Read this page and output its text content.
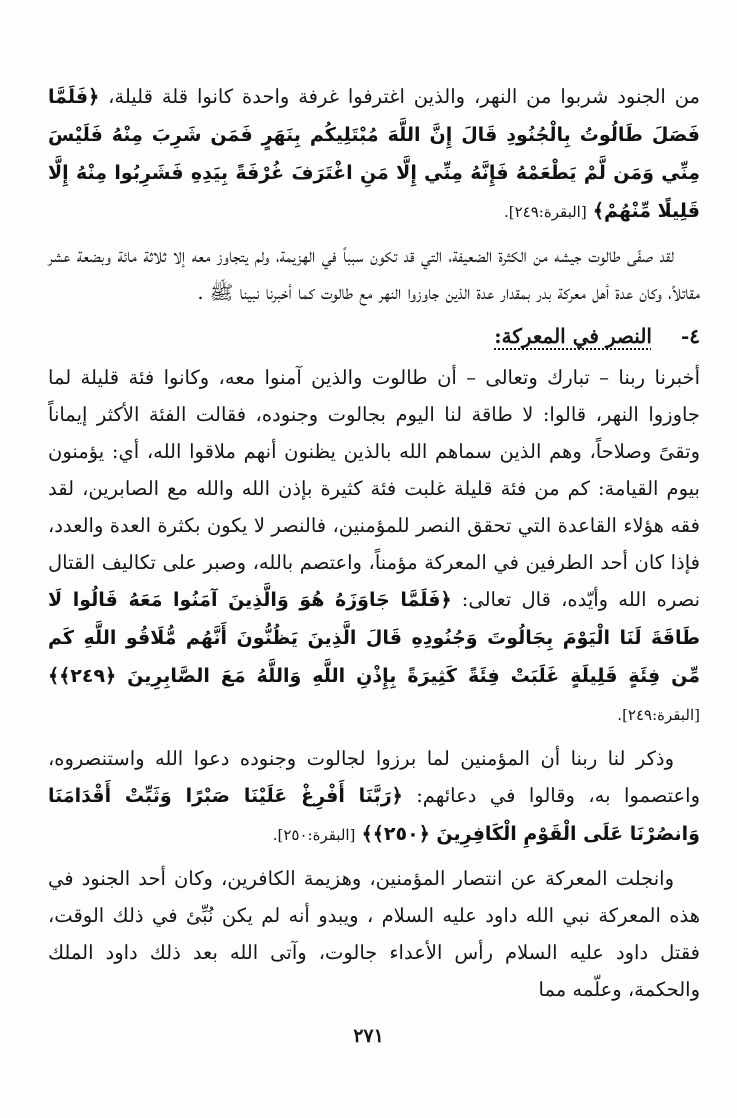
من الجنود شربوا من النهر، والذين اغترفوا غرفة واحدة كانوا قلة قليلة، ﴿فَلَمَّا فَصَلَ طَالُوتُ بِالْجُنُودِ قَالَ إِنَّ اللَّهَ مُبْتَلِيكُم بِنَهَرٍ فَمَن شَرِبَ مِنْهُ فَلَيْسَ مِنِّي وَمَن لَّمْ يَطْعَمْهُ فَإِنَّهُ مِنِّي إِلَّا مَنِ اغْتَرَفَ غُرْفَةً بِيَدِهِ فَشَرِبُوا مِنْهُ إِلَّا قَلِيلًا مِّنْهُمْ﴾ [البقرة:٢٤٩].

لقد صفّى طالوت جيشه من الكثرة الضعيفة، التي قد تكون سبباً في الهزيمة، ولم يتجاوز معه إلا ثلاثة مائة وبضعة عشر مقاتلاً، وكان عدة أهل معركة بدر بمقدار عدة الذين جاوزوا النهر مع طالوت كما أخبرنا نبينا ﷺ .

٤- النصر في المعركة:

أخبرنا ربنا – تبارك وتعالى – أن طالوت والذين آمنوا معه، وكانوا فئة قليلة لما جاوزوا النهر، قالوا: لا طاقة لنا اليوم بجالوت وجنوده، فقالت الفئة الأكثر إيماناً وتقىً وصلاحاً، وهم الذين سماهم الله بالذين يظنون أنهم ملاقوا الله، أي: يؤمنون بيوم القيامة: كم من فئة قليلة غلبت فئة كثيرة بإذن الله والله مع الصابرين، لقد فقه هؤلاء القاعدة التي تحقق النصر للمؤمنين، فالنصر لا يكون بكثرة العدة والعدد، فإذا كان أحد الطرفين في المعركة مؤمناً، واعتصم بالله، وصبر على تكاليف القتال نصره الله وأيّده، قال تعالى: ﴿فَلَمَّا جَاوَزَهُ هُوَ وَالَّذِينَ آمَنُوا مَعَهُ قَالُوا لَا طَاقَةَ لَنَا الْيَوْمَ بِجَالُوتَ وَجُنُودِهِ قَالَ الَّذِينَ يَظُنُّونَ أَنَّهُم مُّلَاقُو اللَّهِ كَم مِّن فِئَةٍ قَلِيلَةٍ غَلَبَتْ فِئَةً كَثِيرَةً بِإِذْنِ اللَّهِ وَاللَّهُ مَعَ الصَّابِرِينَ ﴿٢٤٩﴾﴾ [البقرة:٢٤٩].

وذكر لنا ربنا أن المؤمنين لما برزوا لجالوت وجنوده دعوا الله واستنصروه، واعتصموا به، وقالوا في دعائهم: ﴿رَبَّنَا أَفْرِغْ عَلَيْنَا صَبْرًا وَثَبِّتْ أَقْدَامَنَا وَانصُرْنَا عَلَى الْقَوْمِ الْكَافِرِينَ ﴿٢٥٠﴾﴾ [البقرة:٢٥٠].

وانجلت المعركة عن انتصار المؤمنين، وهزيمة الكافرين، وكان أحد الجنود في هذه المعركة نبي الله داود عليه السلام ، ويبدو أنه لم يكن نُبِّئ في ذلك الوقت، فقتل داود عليه السلام رأس الأعداء جالوت، وآتى الله بعد ذلك داود الملك والحكمة، وعلّمه مما

٢٧١
